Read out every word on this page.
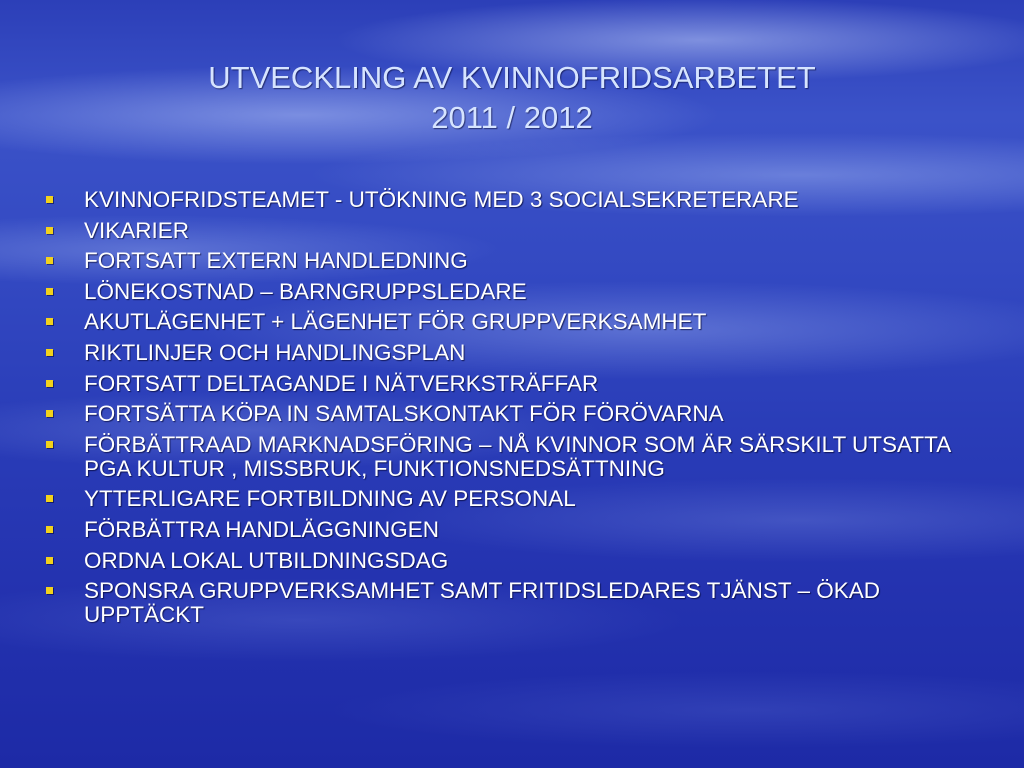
UTVECKLING AV KVINNOFRIDSARBETET
2011 / 2012
KVINNOFRIDSTEAMET - UTÖKNING MED 3 SOCIALSEKRETERARE
VIKARIER
FORTSATT EXTERN HANDLEDNING
LÖNEKOSTNAD – BARNGRUPPSLEDARE
AKUTLÄGENHET + LÄGENHET FÖR GRUPPVERKSAMHET
RIKTLINJER OCH HANDLINGSPLAN
FORTSATT DELTAGANDE I NÄTVERKSTRÄFFAR
FORTSÄTTA KÖPA IN SAMTALSKONTAKT FÖR FÖRÖVARNA
FÖRBÄTTRAAD MARKNADSFÖRING – NÅ KVINNOR SOM ÄR SÄRSKILT UTSATTA PGA KULTUR , MISSBRUK, FUNKTIONSNEDSÄTTNING
YTTERLIGARE FORTBILDNING AV PERSONAL
FÖRBÄTTRA HANDLÄGGNINGEN
ORDNA LOKAL UTBILDNINGSDAG
SPONSRA GRUPPVERKSAMHET SAMT FRITIDSLEDARES TJÄNST – ÖKAD UPPTÄCKT
